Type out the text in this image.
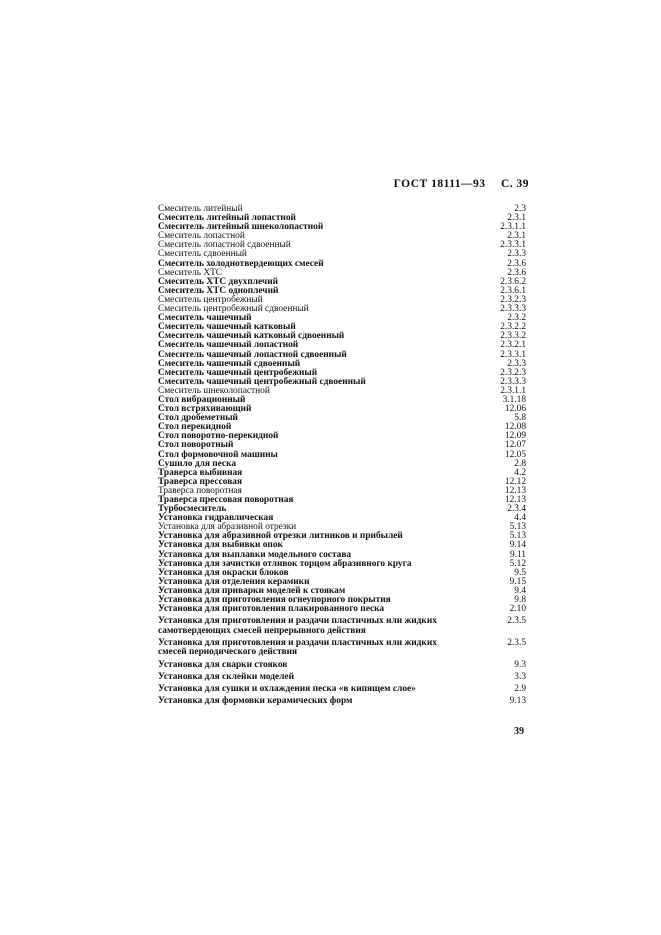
ГОСТ 18111—93 С. 39
Смеситель литейный	2.3
Смеситель литейный лопастной	2.3.1
Смеситель литейный шнеколопастной	2.3.1.1
Смеситель лопастной	2.3.1
Смеситель лопастной сдвоенный	2.3.3.1
Смеситель сдвоенный	2.3.3
Смеситель холоднотвердеющих смесей	2.3.6
Смеситель ХТС	2.3.6
Смеситель ХТС двухплечий	2.3.6.2
Смеситель ХТС одноплечий	2.3.6.1
Смеситель центробежный	2.3.2.3
Смеситель центробежный сдвоенный	2.3.3.3
Смеситель чашечный	2.3.2
Смеситель чашечный катковый	2.3.2.2
Смеситель чашечный катковый сдвоенный	2.3.3.2
Смеситель чашечный лопастной	2.3.2.1
Смеситель чашечный лопастной сдвоенный	2.3.3.1
Смеситель чашечный сдвоенный	2.3.3
Смеситель чашечный центробежный	2.3.2.3
Смеситель чашечный центробежный сдвоенный	2.3.3.3
Смеситель шнеколопастной	2.3.1.1
Стол вибрационный	3.1.18
Стол встряхивающий	12.06
Стол дробеметный	5.8
Стол перекидной	12.08
Стол поворотно-перекидной	12.09
Стол поворотный	12.07
Стол формовочной машины	12.05
Сушило для песка	2.8
Траверса выбивная	4.2
Траверса прессовая	12.12
Траверса поворотная	12.13
Траверса прессовая поворотная	12.13
Турбосмеситель	2.3.4
Установка гидравлическая	4.4
Установка для абразивной отрезки	5.13
Установка для абразивной отрезки литников и прибылей	5.13
Установка для выбивки опок	9.14
Установка для выплавки модельного состава	9.11
Установка для зачистки отливок торцом абразивного круга	5.12
Установка для окраски блоков	9.5
Установка для отделения керамики	9.15
Установка для приварки моделей к стоякам	9.4
Установка для приготовления огнеупорного покрытия	9.8
Установка для приготовления плакированного песка	2.10
Установка для приготовления и раздачи пластичных или жидких
самотвердеющих смесей непрерывного действия
2.3.5
Установка для приготовления и раздачи пластичных или жидких
смесей периодического действия
2.3.5
Установка для сварки стояков	9.3
Установка для склейки моделей	3.3
Установка для сушки и охлаждения песка «в кипящем слое»	2.9
Установка для формовки керамических форм	9.13
39
